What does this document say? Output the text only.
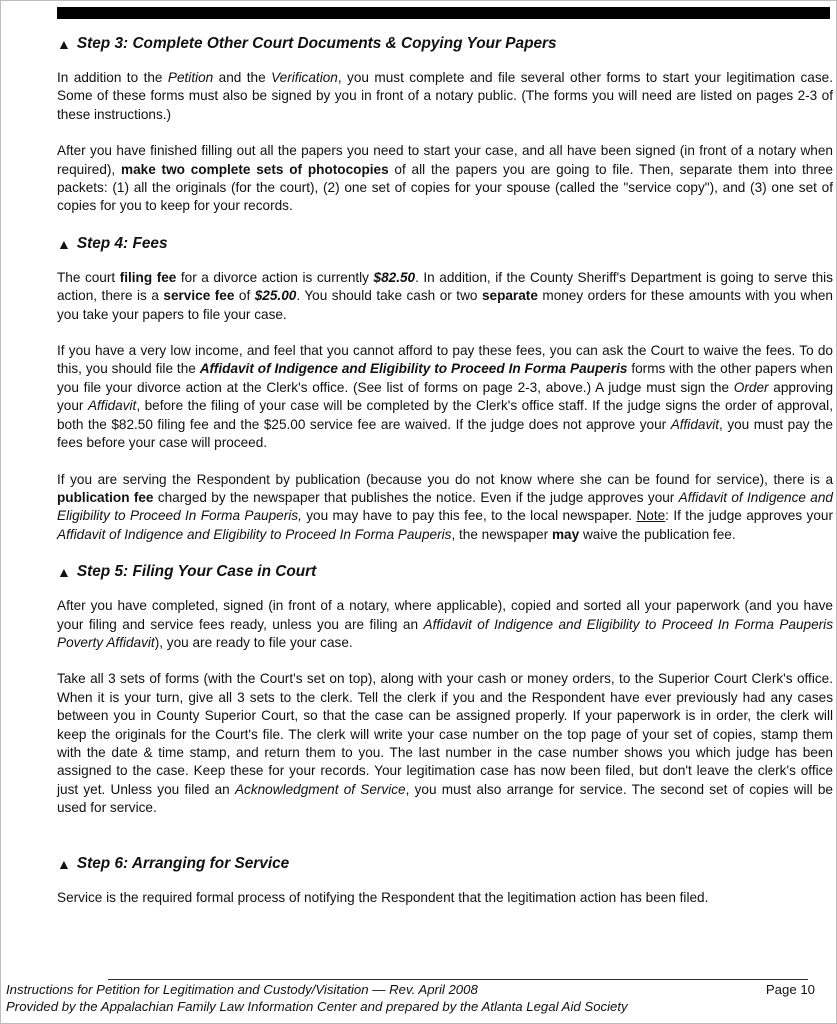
▲ Step 3: Complete Other Court Documents & Copying Your Papers

In addition to the Petition and the Verification, you must complete and file several other forms to start your legitimation case. Some of these forms must also be signed by you in front of a notary public. (The forms you will need are listed on pages 2-3 of these instructions.)

After you have finished filling out all the papers you need to start your case, and all have been signed (in front of a notary when required), make two complete sets of photocopies of all the papers you are going to file. Then, separate them into three packets: (1) all the originals (for the court), (2) one set of copies for your spouse (called the "service copy"), and (3) one set of copies for you to keep for your records.

▲ Step 4: Fees

The court filing fee for a divorce action is currently $82.50. In addition, if the County Sheriff's Department is going to serve this action, there is a service fee of $25.00. You should take cash or two separate money orders for these amounts with you when you take your papers to file your case.

If you have a very low income, and feel that you cannot afford to pay these fees, you can ask the Court to waive the fees. To do this, you should file the Affidavit of Indigence and Eligibility to Proceed In Forma Pauperis forms with the other papers when you file your divorce action at the Clerk's office. (See list of forms on page 2-3, above.) A judge must sign the Order approving your Affidavit, before the filing of your case will be completed by the Clerk's office staff. If the judge signs the order of approval, both the $82.50 filing fee and the $25.00 service fee are waived. If the judge does not approve your Affidavit, you must pay the fees before your case will proceed.

If you are serving the Respondent by publication (because you do not know where she can be found for service), there is a publication fee charged by the newspaper that publishes the notice. Even if the judge approves your Affidavit of Indigence and Eligibility to Proceed In Forma Pauperis, you may have to pay this fee, to the local newspaper. Note: If the judge approves your Affidavit of Indigence and Eligibility to Proceed In Forma Pauperis, the newspaper may waive the publication fee.

▲ Step 5: Filing Your Case in Court

After you have completed, signed (in front of a notary, where applicable), copied and sorted all your paperwork (and you have your filing and service fees ready, unless you are filing an Affidavit of Indigence and Eligibility to Proceed In Forma Pauperis Poverty Affidavit), you are ready to file your case.

Take all 3 sets of forms (with the Court's set on top), along with your cash or money orders, to the Superior Court Clerk's office. When it is your turn, give all 3 sets to the clerk. Tell the clerk if you and the Respondent have ever previously had any cases between you in County Superior Court, so that the case can be assigned properly. If your paperwork is in order, the clerk will keep the originals for the Court's file. The clerk will write your case number on the top page of your set of copies, stamp them with the date & time stamp, and return them to you. The last number in the case number shows you which judge has been assigned to the case. Keep these for your records. Your legitimation case has now been filed, but don't leave the clerk's office just yet. Unless you filed an Acknowledgment of Service, you must also arrange for service. The second set of copies will be used for service.

▲ Step 6: Arranging for Service

Service is the required formal process of notifying the Respondent that the legitimation action has been filed.

Instructions for Petition for Legitimation and Custody/Visitation — Rev. April 2008	Page 10
Provided by the Appalachian Family Law Information Center and prepared by the Atlanta Legal Aid Society
